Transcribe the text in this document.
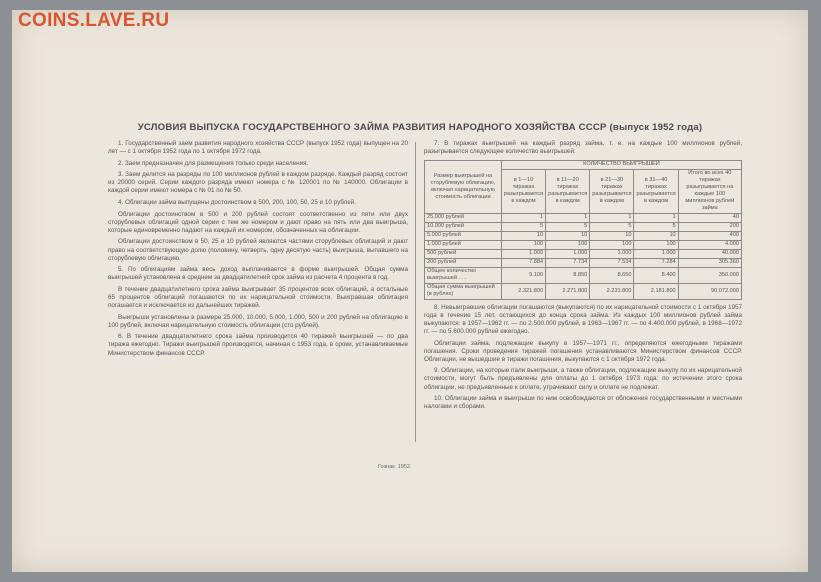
COINS.LAVE.RU
УСЛОВИЯ ВЫПУСКА ГОСУДАРСТВЕННОГО ЗАЙМА РАЗВИТИЯ НАРОДНОГО ХОЗЯЙСТВА СССР (выпуск 1952 года)

1. Государственный заем развития народного хозяйства СССР (выпуск 1952 года) выпущен на 20 лет — с 1 октября 1952 года по 1 октября 1972 года.

2. Заем предназначен для размещения только среди населения.

3. Заем делится на разряды по 100 миллионов рублей в каждом разряде. Каждый разряд состоит из 20000 серий. Серии каждого разряда имеют номера с № 120001 по № 140000. Облигации в каждой серии имеют номера с № 01 по № 50.

4. Облигации займа выпущены достоинством в 500, 200, 100, 50, 25 и 10 рублей.

Облигации достоинством в 500 и 200 рублей состоят соответственно из пяти или двух сторублевых облигаций одной серии с тем же номером и дают право на пять или два выигрыша, которые единовременно падают на каждый их номером, обозначенных на облигации.

Облигации достоинством в 50, 25 и 10 рублей являются частями сторублевых облигаций и дают право на соответствующую долю (половину, четверть, одну десятую часть) выигрыша, выпавшего на сторублевую облигацию.

5. По облигациям займа весь доход выплачивается в форме выигрышей. Общая сумма выигрышей установлена в среднем за двадцатилетний срок займа из расчета 4 процента в год.

В течение двадцатилетнего срока займа выигрывает 35 процентов всех облигаций, а остальные 65 процентов облигаций погашаются по их нарицательной стоимости. Выигравшая облигация погашается и исключается из дальнейших тиражей.

Выигрыши установлены в размере 25.000, 10.000, 5.000, 1.000, 500 и 200 рублей на облигацию в 100 рублей, включая нарицательную стоимость облигации (сто рублей).

6. В течение двадцатилетнего срока займа производится 40 тиражей выигрышей — по два тиража ежегодно. Тиражи выигрышей производятся, начиная с 1953 года, в сроки, устанавливаемые Министерством финансов СССР.

7. В тиражах выигрышей на каждый разряд займа, т. е. на каждые 100 миллионов рублей, разыгрывается следующее количество выигрышей:

Размер выигрышей на сторублевую облигацию, включая нарицательную стоимость облигации	КОЛИЧЕСТВО ВЫИГРЫШЕЙ				
	в 1—10 тиражах разыгрывается в каждом	в 11—20 тиражах разыгрывается в каждом	в 21—30 тиражах разыгрывается в каждом	в 31—40 тиражах разыгрывается в каждом	Итого во всех 40 тиражах разыгрывается на каждые 100 миллионов рублей займа
25.000 рублей	1	1	1	1	40
10.000 рублей	5	5	5	5	200
5.000 рублей	10	10	10	10	400
1.000 рублей	100	100	100	100	4.000
500 рублей	1.000	1.000	1.000	1.000	40.000
200 рублей	7.884	7.734	7.534	7.284	305.360
Общее количество выигрышей . . .	9.100	8.850	8.650	8.400	350.000
Общая сумма выигрышей (в рублях)	2.321.800	2.271.800	2.231.800	2.181.800	90.072.000

8. Невыигравшие облигации погашаются (выкупаются) по их нарицательной стоимости с 1 октября 1957 года в течение 15 лет, остающихся до конца срока займа. Из каждых 100 миллионов рублей займа выкупаются: в 1957—1962 гг. — по 2.500.000 рублей, в 1963—1967 гг. — по 4.400.000 рублей, в 1968—1972 гг. — по 5.600.000 рублей ежегодно.

Облигации займа, подлежащие выкупу в 1957—1971 гг., определяются ежегодными тиражами погашения. Сроки проведения тиражей погашения устанавливаются Министерством финансов СССР. Облигации, не вышедшие в тиражи погашения, выкупаются с 1 октября 1972 года.

9. Облигации, на которые пали выигрыши, а также облигации, подлежащие выкупу по их нарицательной стоимости, могут быть предъявлены для оплаты до 1 октября 1973 года: по истечении этого срока облигации, не предъявленные к оплате, утрачивают силу и оплате не подлежат.

10. Облигации займа и выигрыши по ним освобождаются от обложения государственными и местными налогами и сборами.

Гознак. 1952.
